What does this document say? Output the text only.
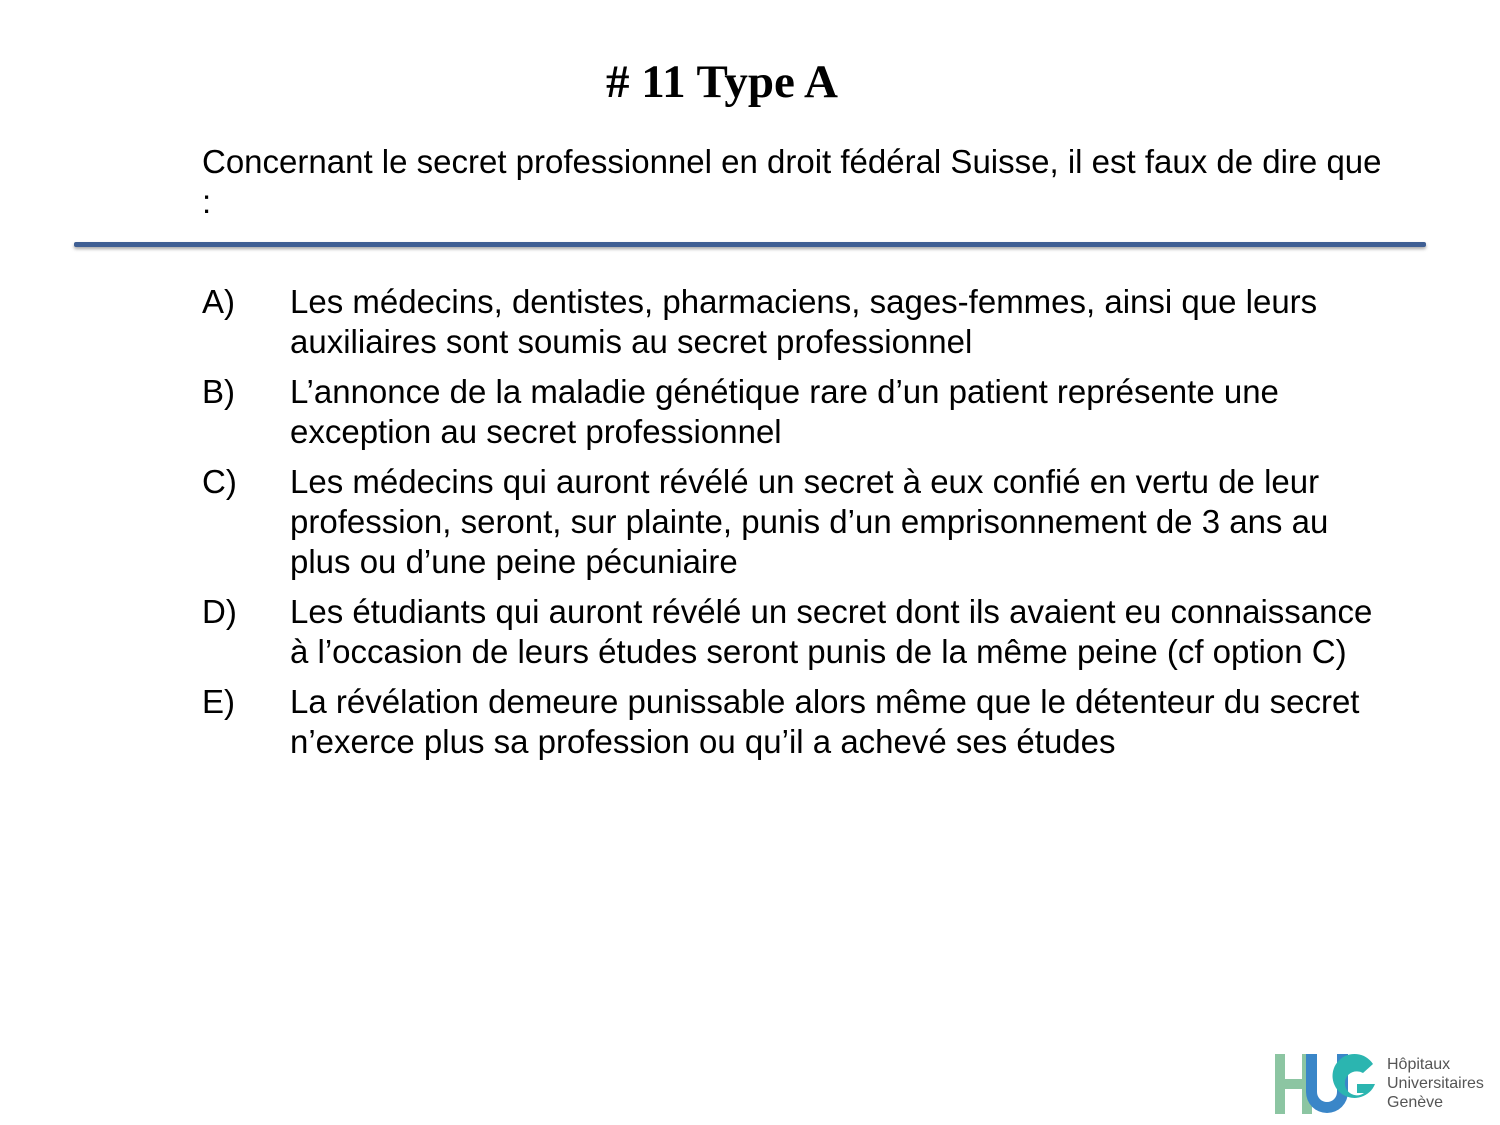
# 11 Type A

Concernant le secret professionnel en droit fédéral Suisse, il est faux de dire que :

A)	Les médecins, dentistes, pharmaciens, sages-femmes, ainsi que leurs auxiliaires sont soumis au secret professionnel
B)	L’annonce de la maladie génétique rare d’un patient représente une exception au secret professionnel
C)	Les médecins qui auront révélé un secret à eux confié en vertu de leur profession, seront, sur plainte, punis d’un emprisonnement de 3 ans au plus ou d’une peine pécuniaire
D)	Les étudiants qui auront révélé un secret dont ils avaient eu connaissance à l’occasion de leurs études seront punis de la même peine (cf option C)
E)	La révélation demeure punissable alors même que le détenteur du secret n’exerce plus sa profession ou qu’il a achevé ses études
Hôpitaux
Universitaires
Genève
